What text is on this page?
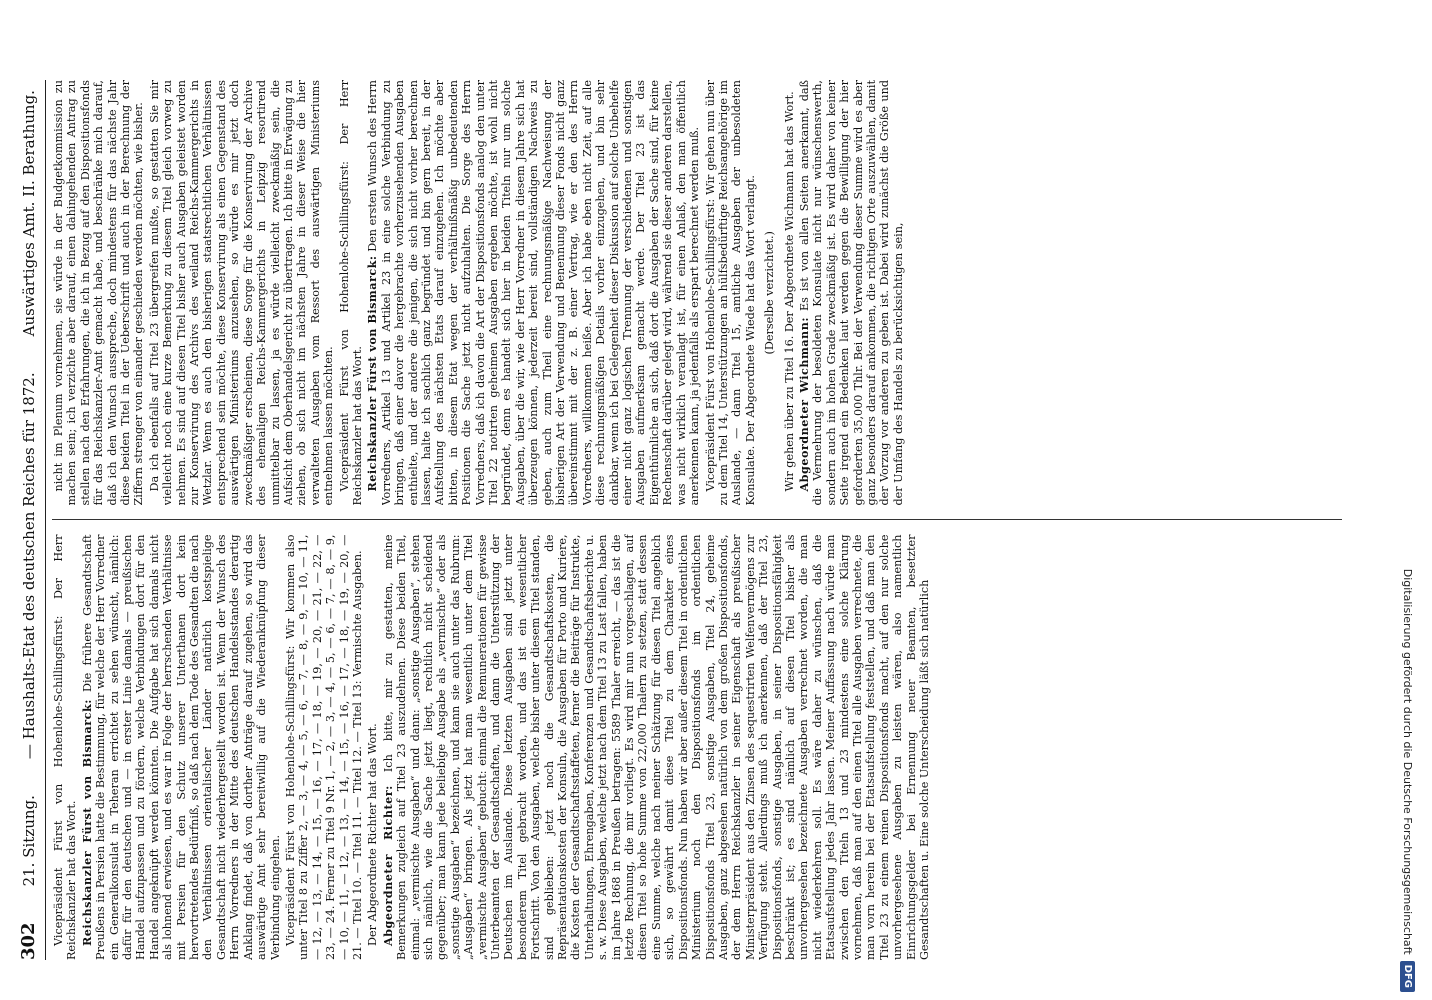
302
21. Sitzung.
— Haushalts-Etat des deutschen Reiches für 1872.
Auswärtiges Amt. II. Berathung.

Vicepräsident Fürst von Hohenlohe-Schillingsfürst: Der Herr Reichskanzler hat das Wort. Reichskanzler Fürst von Bismarck: Die frühere Gesandtschaft Preußens in Persien hatte die Bestimmung, für welche der Herr Vorredner ein Generalkonsulat in Teheran errichtet zu sehen wünscht, nämlich: dafür für den deutschen und — in erster Linie damals — preußischen Handel aufzupassen und zu fördern, welche Verbindungen dort für den Handel angeknüpft werden könnten. Die Aufgabe hat sich damals nicht als lohnend erwiesen, und es war in Folge der herrschenden Verhältnisse mit Persien für den Schutz unserer Unterthanen dort kein hervortretendes Bedürfniß, so daß nach dem Tode des Gesandten die nach den Verhältnissen orientalischer Länder natürlich kostspielige Gesandtschaft nicht wiederhergestellt worden ist. Wenn der Wunsch des Herrn Vorredners in der Mitte des deutschen Handelsstandes derartig Anklang findet, daß von dorther Anträge darauf zugehen, so wird das auswärtige Amt sehr bereitwillig auf die Wiederanknüpfung dieser Verbindung eingehen. Vicepräsident Fürst von Hohenlohe-Schillingsfürst: Wir kommen also unter Titel 8 zu Ziffer 2, — 3, — 4, — 5, — 6, — 7, — 8, — 9, — 10, — 11, — 12, — 13, — 14, — 15, — 16, — 17, — 18, — 19, — 20, — 21, — 22, — 23, — 24. Ferner zu Titel 9 Nr. 1, — 2, — 3, — 4, — 5, — 6, — 7, — 8, — 9, — 10, — 11, — 12, — 13, — 14, — 15, — 16, — 17, — 18, — 19, — 20, — 21. — Titel 10. — Titel 11. — Titel 12. — Titel 13: Vermischte Ausgaben. Der Abgeordnete Richter hat das Wort. Abgeordneter Richter: Ich bitte, mir zu gestatten, meine Bemerkungen zugleich auf Titel 23 auszudehnen. Diese beiden Titel, einmal: „vermischte Ausgaben“ und dann: „sonstige Ausgaben“, stehen sich nämlich, wie die Sache jetzt liegt, rechtlich nicht scheidend gegenüber; man kann jede beliebige Ausgabe als „vermischte“ oder als „sonstige Ausgaben“ bezeichnen, und kann sie auch unter das Rubrum: „Ausgaben“ bringen. Als jetzt hat man wesentlich unter dem Titel „vermischte Ausgaben“ gebucht: einmal die Remunerationen für gewisse Unterbeamten der Gesandtschaften, und dann die Unterstützung der Deutschen im Auslande. Diese letzten Ausgaben sind jetzt unter besonderem Titel gebracht worden, und das ist ein wesentlicher Fortschritt. Von den Ausgaben, welche bisher unter diesem Titel standen, sind geblieben: jetzt noch die Gesandtschaftskosten, die Repräsentationskosten der Konsuln, die Ausgaben für Porto und Kuriere, die Kosten der Gesandtschaftsstaffeten, ferner die Beiträge für Instrukte, Unterhaltungen, Ehrengaben, Konferenzen und Gesandtschaftsberichte u. s. w. Diese Ausgaben, welche jetzt nach dem Titel 13 zu Last fallen, haben im Jahre 1868 in Preußen betragen: 5589 Thaler erreicht, — das ist die letzte Rechnung, die mir vorliegt. Es wird mir nun vorgeschlagen, auf diesen Titel so hohe Summe von 22,000 Thalern zu setzen, statt dessen eine Summe, welche nach meiner Schätzung für diesen Titel angeblich sich, so gewährt damit diese Titel zu dem Charakter eines Dispositionsfonds. Nun haben wir aber außer diesem Titel in ordentlichen Ministerium noch den Dispositionsfonds im ordentlichen Dispositionsfonds Titel 23, sonstige Ausgaben, Titel 24, geheime Ausgaben, ganz abgesehen natürlich von dem großen Dispositionsfonds, der dem Herrn Reichskanzler in seiner Eigenschaft als preußischer Ministerpräsident aus den Zinsen des sequestrirten Welfenvermögens zur Verfügung steht. Allerdings muß ich anerkennen, daß der Titel 23, Dispositionsfonds, sonstige Ausgaben, in seiner Dispositionsfähigkeit beschränkt ist; es sind nämlich auf diesen Titel bisher als unvorhergesehen bezeichnete Ausgaben verrechnet worden, die man nicht wiederkehren soll. Es wäre daher zu wünschen, daß die Etatsaufstellung jedes Jahr lassen. Meiner Auffassung nach würde man zwischen den Titeln 13 und 23 mindestens eine solche Klärung vornehmen, daß man auf den einen Titel alle Ausgaben verrechnete, die man vorn herein bei der Etatsaufstellung feststellen, und daß man den Titel 23 zu einem reinen Dispositionsfonds macht, auf den nur solche unvorhergesehene Ausgaben zu leisten wären, also namentlich Einrichtungsgelder bei Ernennung neuer Beamten, besetzter Gesandtschaften u. Eine solche Unterscheidung läßt sich natürlich

nicht im Plenum vornehmen, sie würde in der Budgetkommission zu machen sein; ich verzichte aber darauf, einen dahingehenden Antrag zu stellen nach den Erfahrungen, die ich in Bezug auf den Dispositionsfonds für das Reichskanzler-Amt gemacht habe, und beschränke mich darauf, daß ich den Wunsch ausspreche, doch mindestens für das nächste Jahr diese beiden Titel in der Ueberschrift und auch in der Berechnung der Ziffern strenger von einander geschieden werden möchten, wie bisher. Da ich ebenfalls auf Titel 23 übergreifen mußte, so gestatten Sie mir vielleicht noch eine kurze Bemerkung zu diesem Titel gleich vorweg zu nehmen. Es sind auf diesen Titel bisher auch Ausgaben geleistet worden zur Konservirung des Archivs des weiland Reichs-Kammergerichts in Wetzlar. Wenn es auch den bisherigen staatsrechtlichen Verhältnissen entsprechend sein möchte, diese Konservirung als einen Gegenstand des auswärtigen Ministeriums anzusehen, so würde es mir jetzt doch zweckmäßiger erscheinen, diese Sorge für die Konservirung der Archive des ehemaligen Reichs-Kammergerichts in Leipzig resortirend unmittelbar zu lassen, ja es würde vielleicht zweckmäßig sein, die Aufsicht dem Oberhandelsgericht zu übertragen. Ich bitte in Erwägung zu ziehen, ob sich nicht im nächsten Jahre in dieser Weise die hier verwalteten Ausgaben vom Ressort des auswärtigen Ministeriums entnehmen lassen möchten. Vicepräsident Fürst von Hohenlohe-Schillingsfürst: Der Herr Reichskanzler hat das Wort. Reichskanzler Fürst von Bismarck: Den ersten Wunsch des Herrn Vorredners, Artikel 13 und Artikel 23 in eine solche Verbindung zu bringen, daß einer davor die hergebrachte vorherzusehenden Ausgaben enthielte, und der andere die jenigen, die sich nicht vorher berechnen lassen, halte ich sachlich ganz begründet und bin gern bereit, in der Aufstellung des nächsten Etats darauf einzugehen. Ich möchte aber bitten, in diesem Etat wegen der verhältnißmäßig unbedeutenden Positionen die Sache jetzt nicht aufzuhalten. Die Sorge des Herrn Vorredners, daß ich davon die Art der Dispositionsfonds analog den unter Titel 22 notirten geheimen Ausgaben ergeben möchte, ist wohl nicht begründet, denn es handelt sich hier in beiden Titeln nur um solche Ausgaben, über die wir, wie der Herr Vorredner in diesem Jahre sich hat überzeugen können, jederzeit bereit sind, vollständigen Nachweis zu geben, auch zum Theil eine rechnungsmäßige Nachweisung der bisherigen Art der Verwendung und Benennung dieser Fonds nicht ganz übereinstimmt mit der z. B. einer Vertrag, wie er den des Herrn Vorredners, willkommen heiße. Aber ich habe eben nicht Zeit, auf alle diese rechnungsmäßigen Details vorher einzugehen, und bin sehr dankbar, wenn ich bei Gelegenheit dieser Diskussion auf solche Unbehelfe einer nicht ganz logischen Trennung der verschiedenen und sonstigen Ausgaben aufmerksam gemacht werde. Der Titel 23 ist das Eigenthümliche an sich, daß dort die Ausgaben der Sache sind, für keine Rechenschaft darüber gelegt wird, während sie dieser anderen darstellen, was nicht wirklich veranlagt ist, für einen Anlaß, den man öffentlich anerkennen kann, ja jedenfalls als erspart berechnet werden muß. Vicepräsident Fürst von Hohenlohe-Schillingsfürst: Wir gehen nun über zu dem Titel 14, Unterstützungen an hülfsbedürftige Reichsangehörige im Auslande, — dann Titel 15, amtliche Ausgaben der unbesoldeten Konsulate. Der Abgeordnete Wiede hat das Wort verlangt. (Derselbe verzichtet.) Wir gehen über zu Titel 16. Der Abgeordnete Wichmann hat das Wort. Abgeordneter Wichmann: Es ist von allen Seiten anerkannt, daß die Vermehrung der besoldeten Konsulate nicht nur wünschenswerth, sondern auch im hohen Grade zweckmäßig ist. Es wird daher von keiner Seite irgend ein Bedenken laut werden gegen die Bewilligung der hier geforderten 35,000 Thlr. Bei der Verwendung dieser Summe wird es aber ganz besonders darauf ankommen, die richtigen Orte auszuwählen, damit der Vorzug vor anderen zu geben ist. Dabei wird zunächst die Größe und der Umfang des Handels zu berücksichtigen sein,

Digitalisierung gefördert durch die Deutsche Forschungsgemeinschaft
DFG
